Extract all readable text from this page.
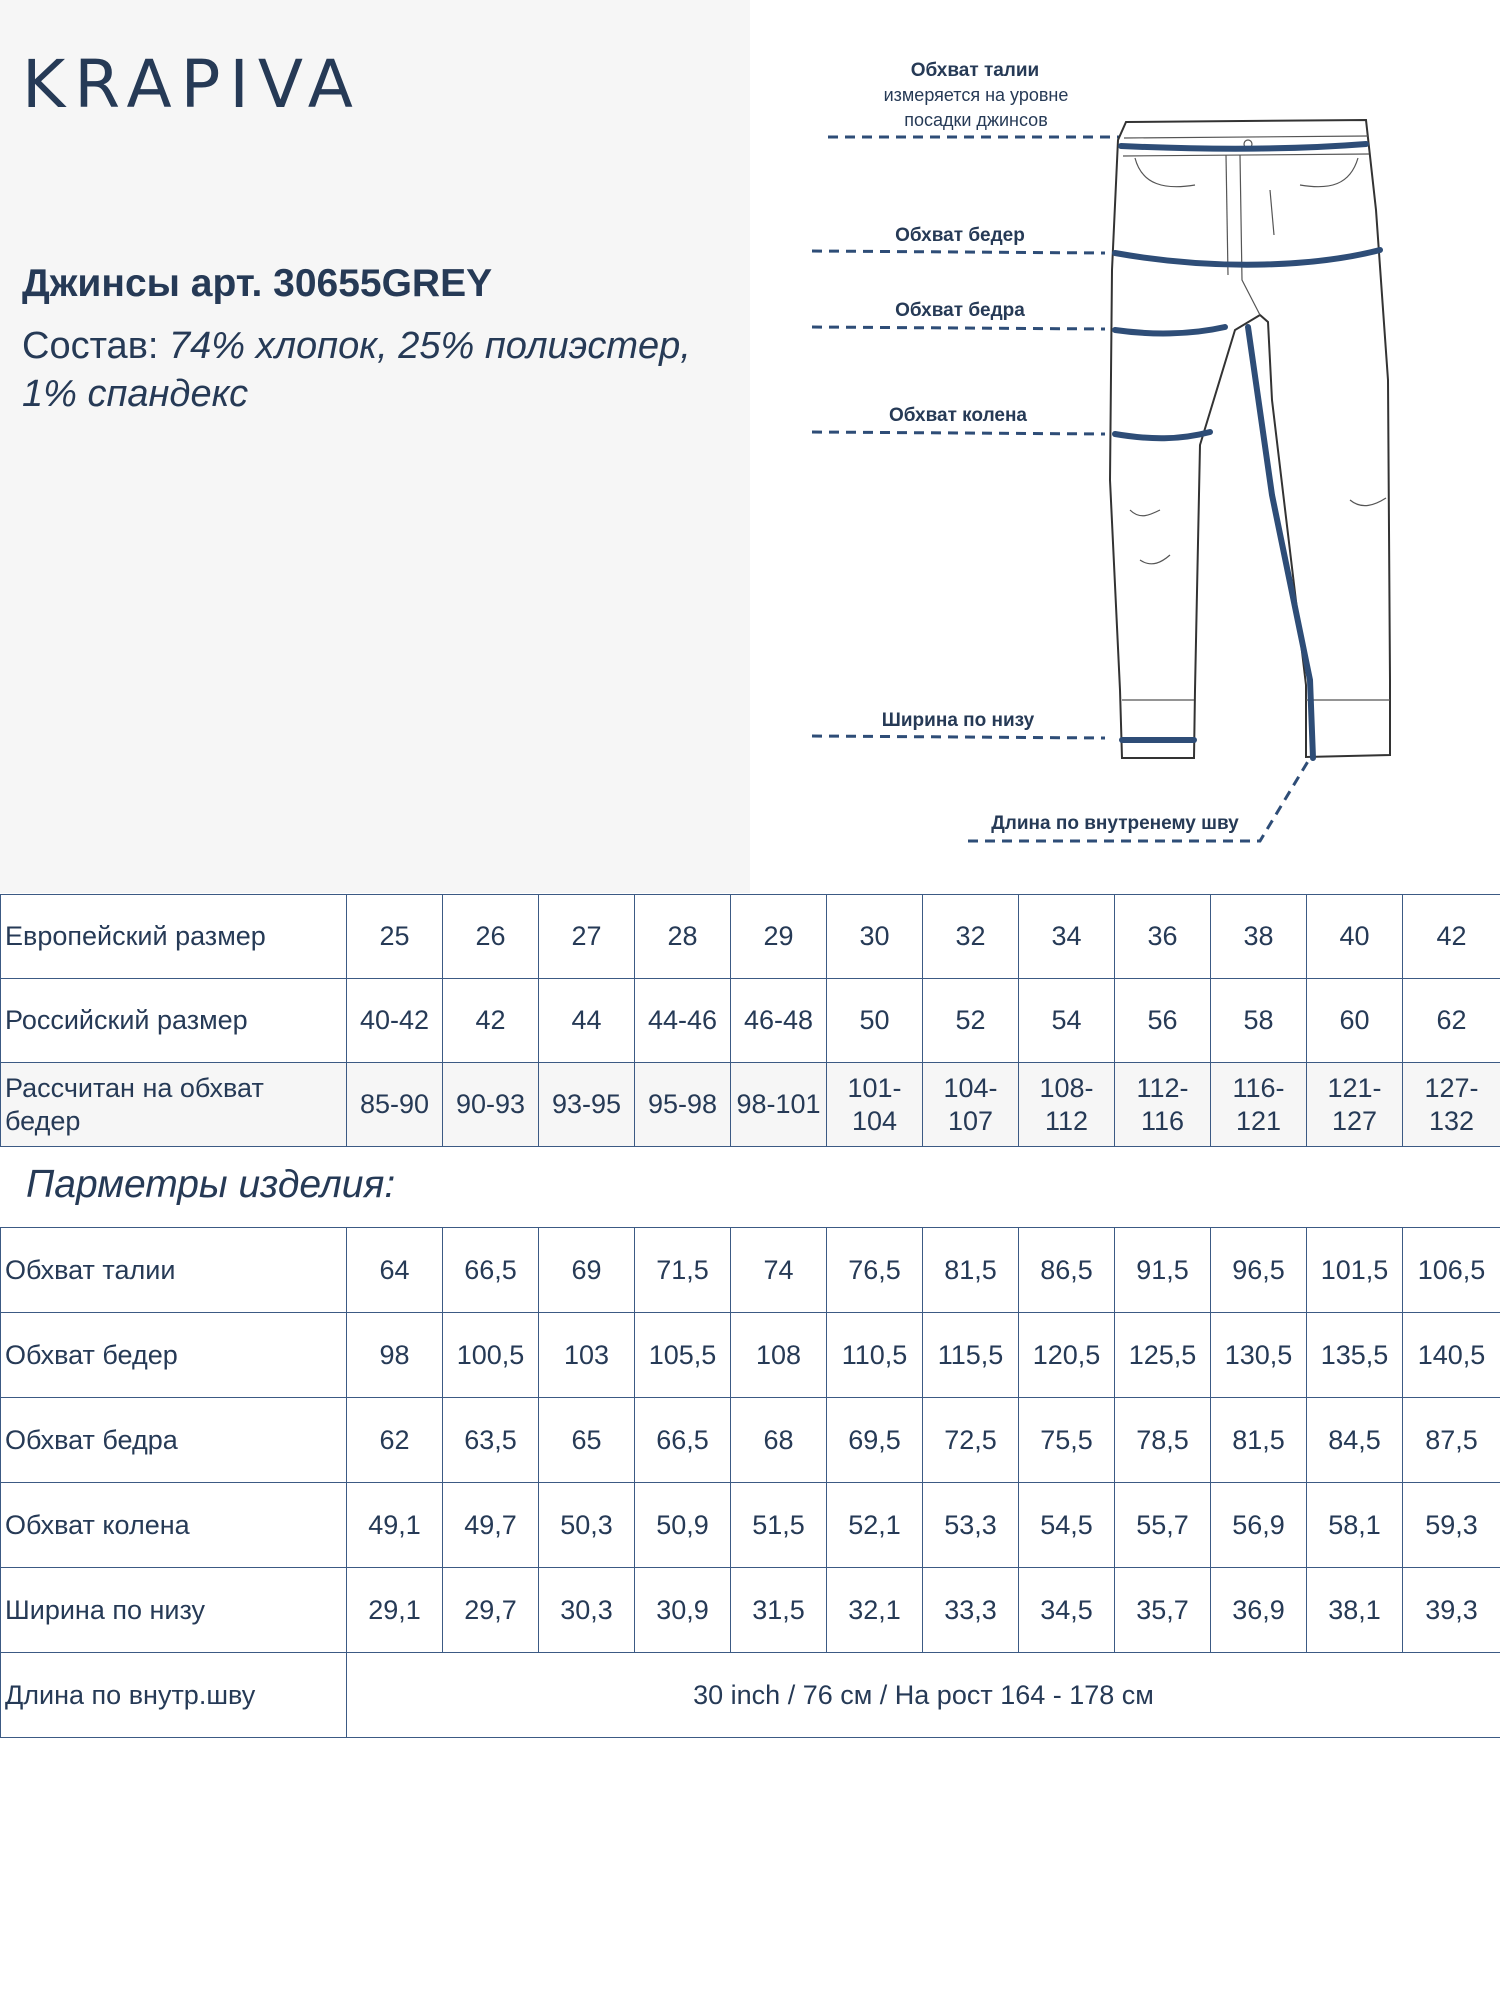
KRAPIVA
Джинсы арт. 30655GREY
Состав: 74% хлопок, 25% полиэстер, 1% спандекс
Обхват талии
измеряется на уровне
посадки джинсов
Обхват бедер
Обхват бедра
Обхват колена
Ширина по низу
Длина по внутренему шву
Европейский размер	25	26	27	28	29	30	32	34	36	38	40	42
Российский размер	40-42	42	44	44-46	46-48	50	52	54	56	58	60	62
Рассчитан на обхват бедер	85-90	90-93	93-95	95-98	98-101	101-104	104-107	108-112	112-116	116-121	121-127	127-132
Парметры изделия:
Обхват талии	64	66,5	69	71,5	74	76,5	81,5	86,5	91,5	96,5	101,5	106,5
Обхват бедер	98	100,5	103	105,5	108	110,5	115,5	120,5	125,5	130,5	135,5	140,5
Обхват бедра	62	63,5	65	66,5	68	69,5	72,5	75,5	78,5	81,5	84,5	87,5
Обхват колена	49,1	49,7	50,3	50,9	51,5	52,1	53,3	54,5	55,7	56,9	58,1	59,3
Ширина по низу	29,1	29,7	30,3	30,9	31,5	32,1	33,3	34,5	35,7	36,9	38,1	39,3
Длина по внутр.шву	30 inch / 76 см / На рост 164 - 178 см											
